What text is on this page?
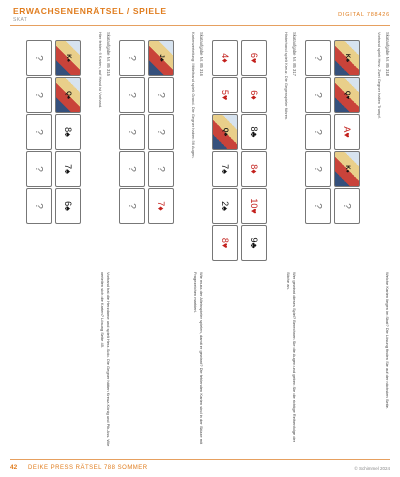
ERWACHSENENRÄTSEL / SPIELE
SKAT
DIGITAL 788426
Skataufgabe Nr. 85 315
Hier fehlen 6 Karten, auf Hand ist Vorhand.
K♠
Q♠
8♠
7♠
6♠
?
?
?
?
?
Vorhand hat die Herzdame und spielt Herz-Solo. Die Gegner hätten Kreuz-König und Pik-Ass. Wie verteilen sich die Karten? Lösung Seite 45.
Skataufgabe Nr. 85 316
Kartenverteilung: Mittelhand spielt Grand. Die Gegner haben 56 Augen.
J♣
?
?
?
7♦
?
?
?
?
?
Wie muss der Alleinspieler spielen, damit er gewinnt? Die fehlenden Karten sind in der Skizze mit Fragezeichen markiert.
Skataufgabe Nr. 85 317
Hinterhand spielt Kreuz. Die Gegenspieler führen.
6♥
6♦
8♣
8♦
10♥
9♣
4♦
5♥
Q♣
7♠
2♠
8♥
Wer gewinnt dieses Spiel? Berechnen Sie die Augen und geben Sie die richtige Reihenfolge der Stiche an.
Skataufgabe Nr. 85 318
Vorhand spielt Herz. Zwei Gegner halten Trumpf.
K♣
Q♥
A♥
K♦
?
?
?
?
?
?
Welche Karten liegen im Skat? Die Lösung finden Sie auf der nächsten Seite.
42 DEIKE PRESS RÄTSEL 788 SOMMER	© Schimmel 2024
